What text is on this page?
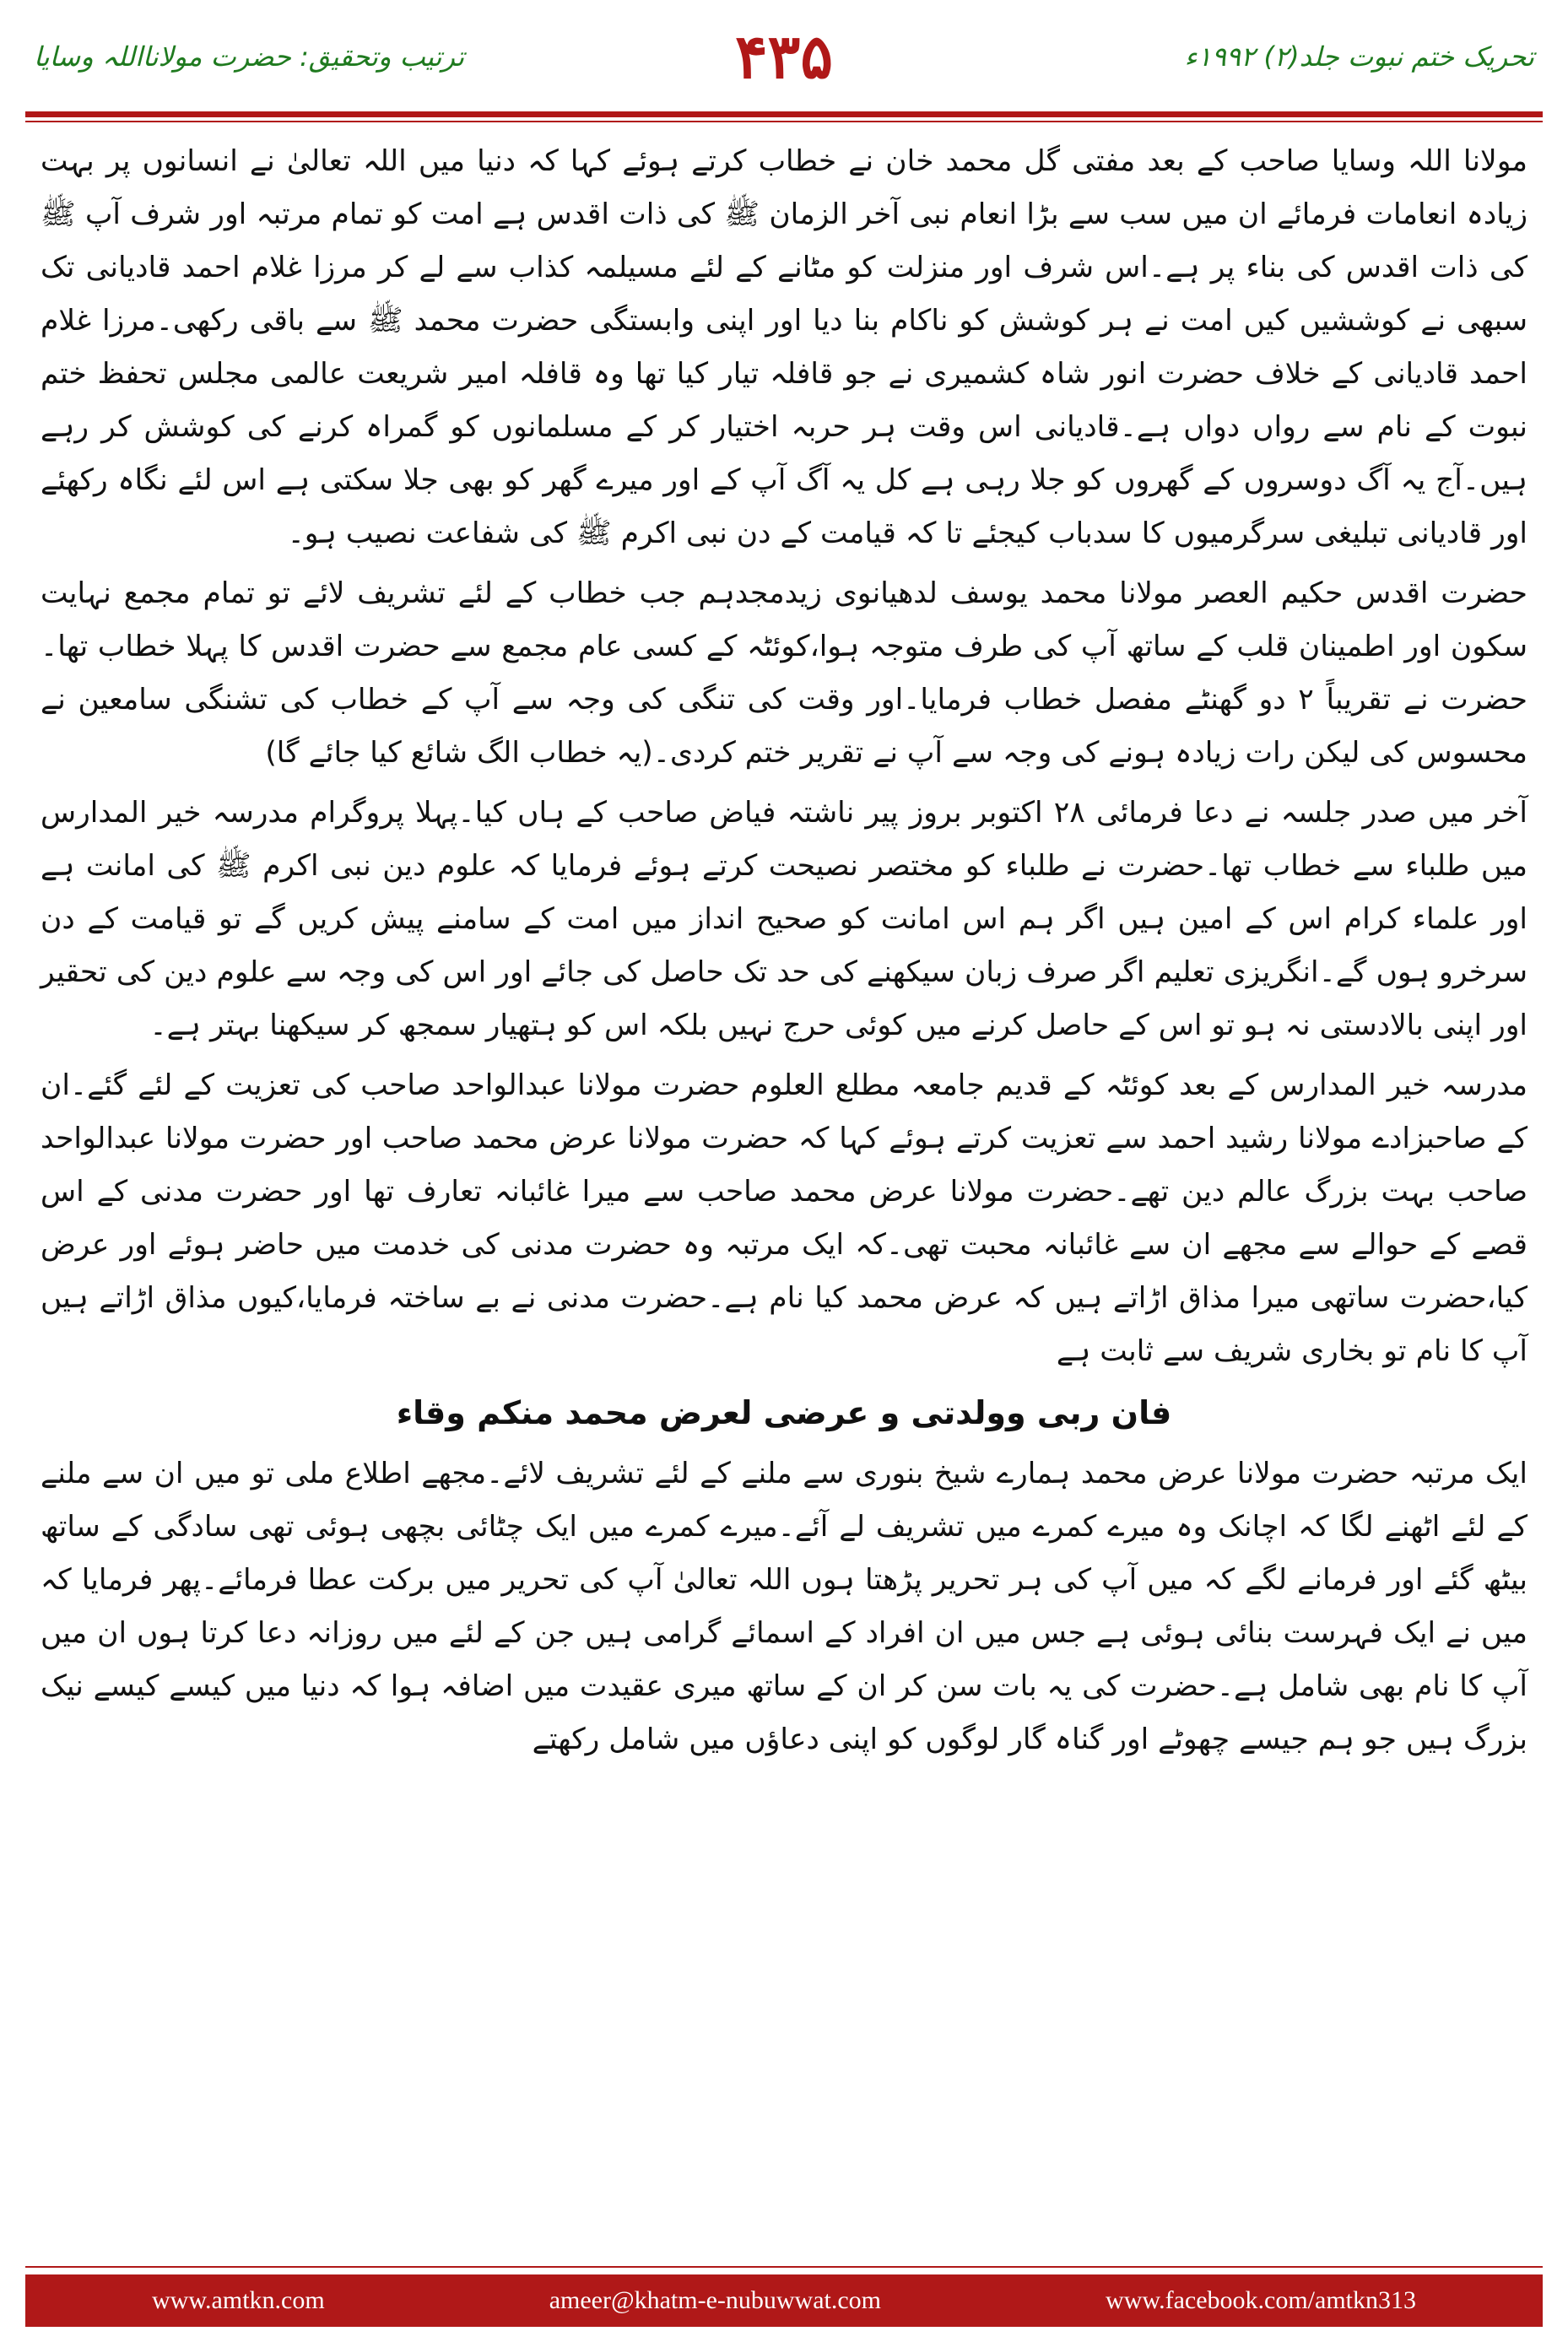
ترتیب وتحقیق: حضرت مولانااللہ وسایا	۴۳۵	تحریک ختم نبوت جلد(۲) ۱۹۹۲ء

مولانا اللہ وسایا صاحب کے بعد مفتی گل محمد خان نے خطاب کرتے ہوئے کہا کہ دنیا میں اللہ تعالیٰ نے انسانوں پر بہت زیادہ انعامات فرمائے ان میں سب سے بڑا انعام نبی آخر الزمان ﷺ کی ذات اقدس ہے امت کو تمام مرتبہ اور شرف آپ ﷺ کی ذات اقدس کی بناء پر ہے۔اس شرف اور منزلت کو مٹانے کے لئے مسیلمہ کذاب سے لے کر مرزا غلام احمد قادیانی تک سبھی نے کوششیں کیں امت نے ہر کوشش کو ناکام بنا دیا اور اپنی وابستگی حضرت محمد ﷺ سے باقی رکھی۔مرزا غلام احمد قادیانی کے خلاف حضرت انور شاہ کشمیری نے جو قافلہ تیار کیا تھا وہ قافلہ امیر شریعت عالمی مجلس تحفظ ختم نبوت کے نام سے رواں دواں ہے۔قادیانی اس وقت ہر حربہ اختیار کر کے مسلمانوں کو گمراہ کرنے کی کوشش کر رہے ہیں۔آج یہ آگ دوسروں کے گھروں کو جلا رہی ہے کل یہ آگ آپ کے اور میرے گھر کو بھی جلا سکتی ہے اس لئے نگاہ رکھئے اور قادیانی تبلیغی سرگرمیوں کا سدباب کیجئے تا کہ قیامت کے دن نبی اکرم ﷺ کی شفاعت نصیب ہو۔

حضرت اقدس حکیم العصر مولانا محمد یوسف لدھیانوی زیدمجدہم جب خطاب کے لئے تشریف لائے تو تمام مجمع نہایت سکون اور اطمینان قلب کے ساتھ آپ کی طرف متوجہ ہوا،کوئٹہ کے کسی عام مجمع سے حضرت اقدس کا پہلا خطاب تھا۔حضرت نے تقریباً ۲ دو گھنٹے مفصل خطاب فرمایا۔اور وقت کی تنگی کی وجہ سے آپ کے خطاب کی تشنگی سامعین نے محسوس کی لیکن رات زیادہ ہونے کی وجہ سے آپ نے تقریر ختم کردی۔(یہ خطاب الگ شائع کیا جائے گا)

آخر میں صدر جلسہ نے دعا فرمائی ۲۸ اکتوبر بروز پیر ناشتہ فیاض صاحب کے ہاں کیا۔پہلا پروگرام مدرسہ خیر المدارس میں طلباء سے خطاب تھا۔حضرت نے طلباء کو مختصر نصیحت کرتے ہوئے فرمایا کہ علوم دین نبی اکرم ﷺ کی امانت ہے اور علماء کرام اس کے امین ہیں اگر ہم اس امانت کو صحیح انداز میں امت کے سامنے پیش کریں گے تو قیامت کے دن سرخرو ہوں گے۔انگریزی تعلیم اگر صرف زبان سیکھنے کی حد تک حاصل کی جائے اور اس کی وجہ سے علوم دین کی تحقیر اور اپنی بالادستی نہ ہو تو اس کے حاصل کرنے میں کوئی حرج نہیں بلکہ اس کو ہتھیار سمجھ کر سیکھنا بہتر ہے۔

مدرسہ خیر المدارس کے بعد کوئٹہ کے قدیم جامعہ مطلع العلوم حضرت مولانا عبدالواحد صاحب کی تعزیت کے لئے گئے۔ان کے صاحبزادے مولانا رشید احمد سے تعزیت کرتے ہوئے کہا کہ حضرت مولانا عرض محمد صاحب اور حضرت مولانا عبدالواحد صاحب بہت بزرگ عالم دین تھے۔حضرت مولانا عرض محمد صاحب سے میرا غائبانہ تعارف تھا اور حضرت مدنی کے اس قصے کے حوالے سے مجھے ان سے غائبانہ محبت تھی۔کہ ایک مرتبہ وہ حضرت مدنی کی خدمت میں حاضر ہوئے اور عرض کیا،حضرت ساتھی میرا مذاق اڑاتے ہیں کہ عرض محمد کیا نام ہے۔حضرت مدنی نے بے ساختہ فرمایا،کیوں مذاق اڑاتے ہیں آپ کا نام تو بخاری شریف سے ثابت ہے

فان ربی وولدتی و عرضی لعرض محمد منکم وقاء

ایک مرتبہ حضرت مولانا عرض محمد ہمارے شیخ بنوری سے ملنے کے لئے تشریف لائے۔مجھے اطلاع ملی تو میں ان سے ملنے کے لئے اٹھنے لگا کہ اچانک وہ میرے کمرے میں تشریف لے آئے۔میرے کمرے میں ایک چٹائی بچھی ہوئی تھی سادگی کے ساتھ بیٹھ گئے اور فرمانے لگے کہ میں آپ کی ہر تحریر پڑھتا ہوں اللہ تعالیٰ آپ کی تحریر میں برکت عطا فرمائے۔پھر فرمایا کہ میں نے ایک فہرست بنائی ہوئی ہے جس میں ان افراد کے اسمائے گرامی ہیں جن کے لئے میں روزانہ دعا کرتا ہوں ان میں آپ کا نام بھی شامل ہے۔حضرت کی یہ بات سن کر ان کے ساتھ میری عقیدت میں اضافہ ہوا کہ دنیا میں کیسے کیسے نیک بزرگ ہیں جو ہم جیسے چھوٹے اور گناہ گار لوگوں کو اپنی دعاؤں میں شامل رکھتے

www.amtkn.com	ameer@khatm-e-nubuwwat.com	www.facebook.com/amtkn313
